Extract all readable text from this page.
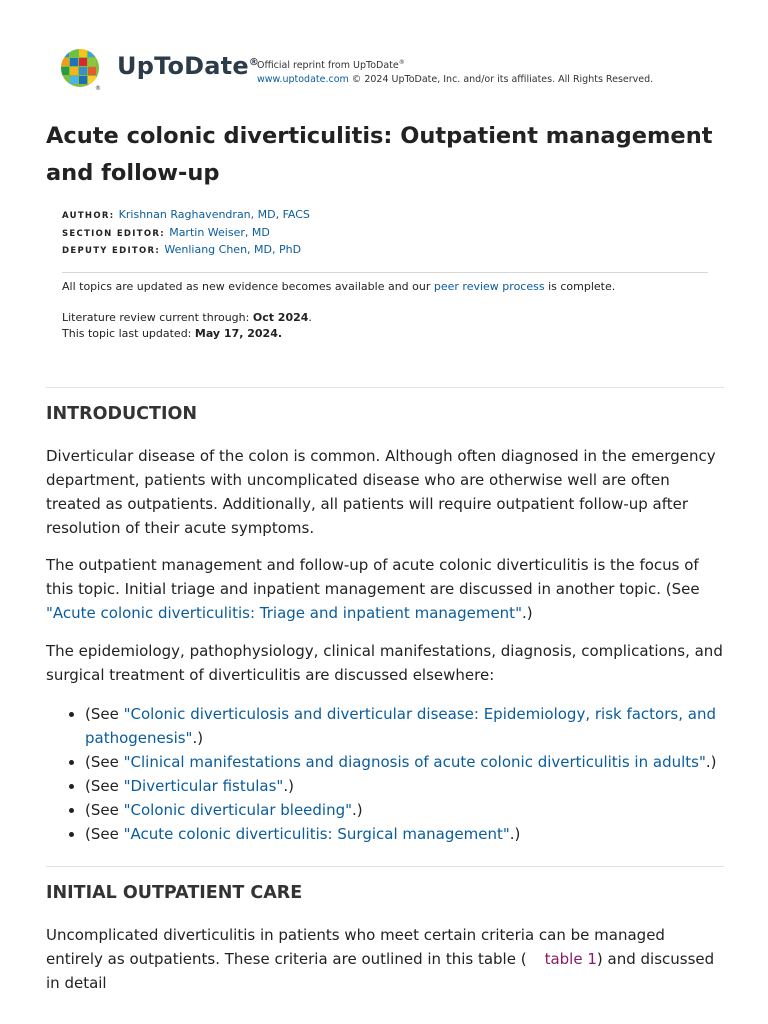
®
UpToDate®
Official reprint from UpToDate®
www.uptodate.com © 2024 UpToDate, Inc. and/or its affiliates. All Rights Reserved.
Acute colonic diverticulitis: Outpatient management and follow-up
AUTHOR: Krishnan Raghavendran, MD, FACS
SECTION EDITOR: Martin Weiser, MD
DEPUTY EDITOR: Wenliang Chen, MD, PhD
All topics are updated as new evidence becomes available and our peer review process is complete.
Literature review current through: Oct 2024.
This topic last updated: May 17, 2024.
INTRODUCTION

Diverticular disease of the colon is common. Although often diagnosed in the emergency department, patients with uncomplicated disease who are otherwise well are often treated as outpatients. Additionally, all patients will require outpatient follow-up after resolution of their acute symptoms.

The outpatient management and follow-up of acute colonic diverticulitis is the focus of this topic. Initial triage and inpatient management are discussed in another topic. (See "Acute colonic diverticulitis: Triage and inpatient management".)

The epidemiology, pathophysiology, clinical manifestations, diagnosis, complications, and surgical treatment of diverticulitis are discussed elsewhere:

• (See "Colonic diverticulosis and diverticular disease: Epidemiology, risk factors, and pathogenesis".)
• (See "Clinical manifestations and diagnosis of acute colonic diverticulitis in adults".)
• (See "Diverticular fistulas".)
• (See "Colonic diverticular bleeding".)
• (See "Acute colonic diverticulitis: Surgical management".)
INITIAL OUTPATIENT CARE

Uncomplicated diverticulitis in patients who meet certain criteria can be managed entirely as outpatients. These criteria are outlined in this table ( table 1) and discussed in detail
